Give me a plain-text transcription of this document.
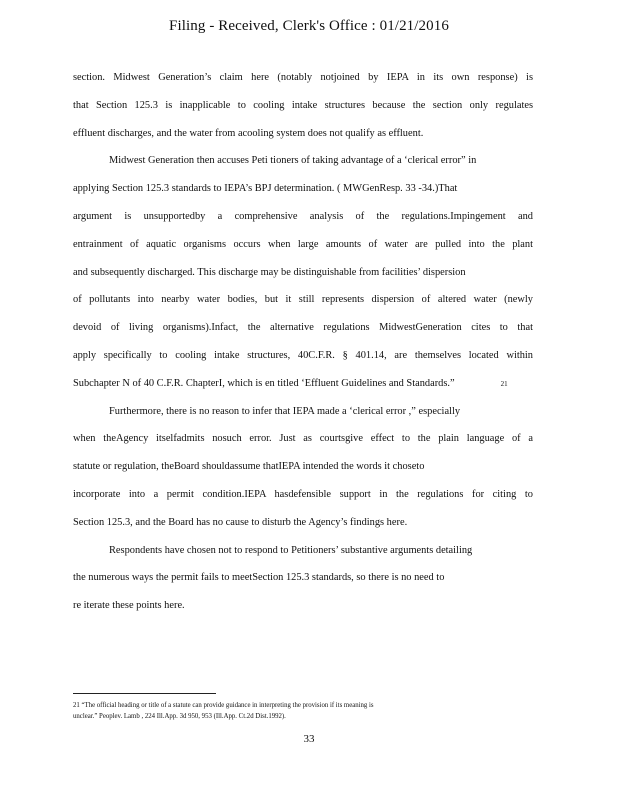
Filing - Received, Clerk's Office : 01/21/2016
section. Midwest Generation’s claim here (notably notjoined by IEPA in its own response) is
that Section 125.3 is inapplicable to cooling intake structures because the section only regulates
effluent discharges, and the water from acooling system does not qualify as effluent.
Midwest Generation then accuses Peti tioners of taking advantage of a ‘clerical error” in
applying Section 125.3 standards to IEPA’s BPJ determination. ( MWGenResp. 33 -34.)That
argument is unsupportedby a comprehensive analysis of the regulations.Impingement and
entrainment of aquatic organisms occurs when large amounts of water are pulled into the plant
and subsequently discharged. This discharge may be distinguishable from facilities’ dispersion
of pollutants into nearby water bodies, but it still represents dispersion of altered water (newly
devoid of living organisms).Infact, the alternative regulations MidwestGeneration cites to that
apply specifically to cooling intake structures, 40C.F.R. § 401.14, are themselves located within
Subchapter N of 40 C.F.R. ChapterI, which is en titled ‘Effluent Guidelines and Standards.”	$^{21}$
Furthermore, there is no reason to infer that IEPA made a ‘clerical error ,” especially
when theAgency itselfadmits nosuch error. Just as courtsgive effect to the plain language of a
statute or regulation, theBoard shouldassume thatIEPA intended the words it choseto
incorporate into a permit condition.IEPA hasdefensible support in the regulations for citing to
Section 125.3, and the Board has no cause to disturb the Agency’s findings here.
Respondents have chosen not to respond to Petitioners’ substantive arguments detailing
the numerous ways the permit fails to meetSection 125.3 standards, so there is no need to
re iterate these points here.
21 “The official heading or title of a statute can provide guidance in interpreting the provision if its meaning is
unclear.” Peoplev. Lamb , 224 Ill.App. 3d 950, 953 (Ill.App. Ct.2d Dist.1992).
33
